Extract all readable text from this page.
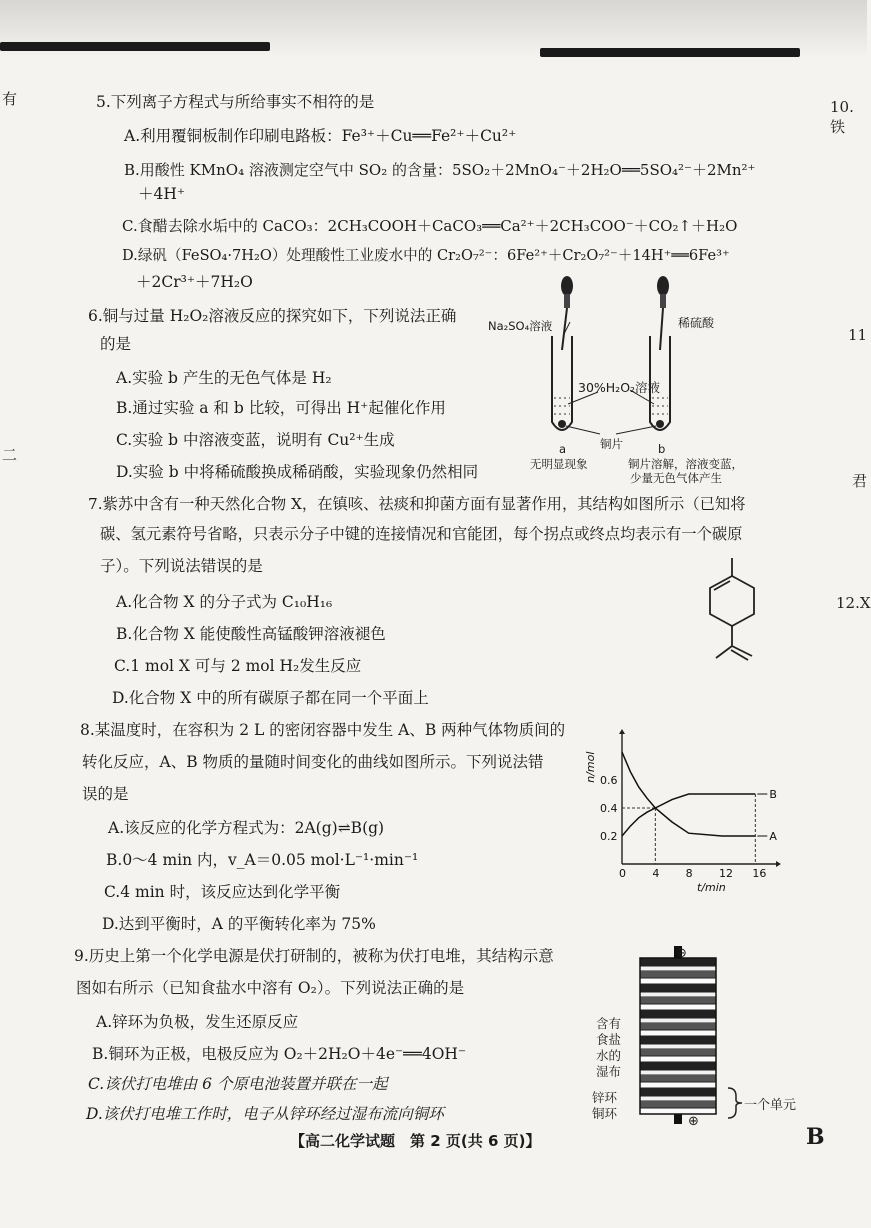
有
二
10.铁
11
君
12.X
5.下列离子方程式与所给事实不相符的是
A.利用覆铜板制作印刷电路板：Fe³⁺＋Cu══Fe²⁺＋Cu²⁺
B.用酸性 KMnO₄ 溶液测定空气中 SO₂ 的含量：5SO₂＋2MnO₄⁻＋2H₂O══5SO₄²⁻＋2Mn²⁺
＋4H⁺
C.食醋去除水垢中的 CaCO₃：2CH₃COOH＋CaCO₃══Ca²⁺＋2CH₃COO⁻＋CO₂↑＋H₂O
D.绿矾（FeSO₄·7H₂O）处理酸性工业废水中的 Cr₂O₇²⁻：6Fe²⁺＋Cr₂O₇²⁻＋14H⁺══6Fe³⁺
＋2Cr³⁺＋7H₂O
6.铜与过量 H₂O₂溶液反应的探究如下，下列说法正确
的是
A.实验 b 产生的无色气体是 H₂
B.通过实验 a 和 b 比较，可得出 H⁺起催化作用
C.实验 b 中溶液变蓝，说明有 Cu²⁺生成
D.实验 b 中将稀硫酸换成稀硝酸，实验现象仍然相同
Na₂SO₄溶液	稀硫酸
30%H₂O₂溶液
铜片
a	b
无明显现象	铜片溶解，溶液变蓝，
少量无色气体产生
7.紫苏中含有一种天然化合物 X，在镇咳、祛痰和抑菌方面有显著作用，其结构如图所示（已知将
碳、氢元素符号省略，只表示分子中键的连接情况和官能团，每个拐点或终点均表示有一个碳原
子）。下列说法错误的是
A.化合物 X 的分子式为 C₁₀H₁₆
B.化合物 X 能使酸性高锰酸钾溶液褪色
C.1 mol X 可与 2 mol H₂发生反应
D.化合物 X 中的所有碳原子都在同一个平面上
8.某温度时，在容积为 2 L 的密闭容器中发生 A、B 两种气体物质间的
转化反应，A、B 物质的量随时间变化的曲线如图所示。下列说法错
误的是
A.该反应的化学方程式为：2A(g)⇌B(g)
B.0～4 min 内，v_A＝0.05 mol·L⁻¹·min⁻¹
C.4 min 时，该反应达到化学平衡
D.达到平衡时，A 的平衡转化率为 75%
A
B
0 4 8 12 16
0.2
0.4
0.6
t/min
n/mol
9.历史上第一个化学电源是伏打研制的，被称为伏打电堆，其结构示意
图如右所示（已知食盐水中溶有 O₂）。下列说法正确的是
A.锌环为负极，发生还原反应
B.铜环为正极，电极反应为 O₂＋2H₂O＋4e⁻══4OH⁻
C.该伏打电堆由 6 个原电池装置并联在一起
D.该伏打电堆工作时，电子从锌环经过湿布流向铜环
⊖
⊕
含有
食盐
水的
湿布
锌环
铜环
一个单元
【高二化学试题　第 2 页(共 6 页)】	B
